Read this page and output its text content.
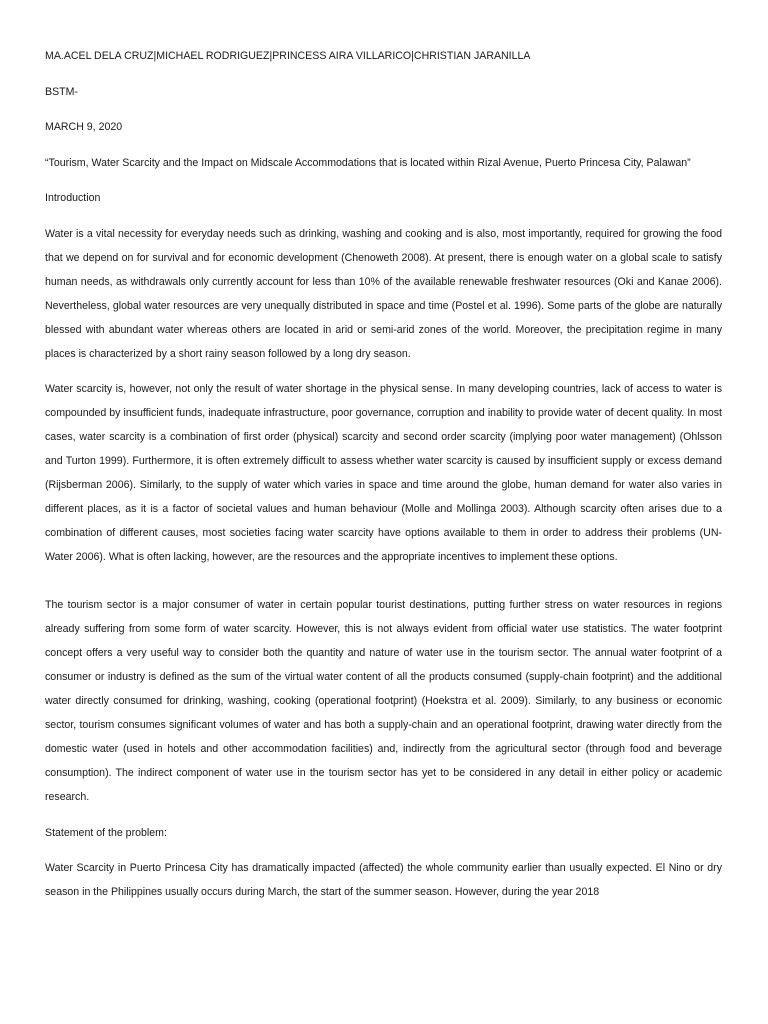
MA.ACEL DELA CRUZ|MICHAEL RODRIGUEZ|PRINCESS AIRA VILLARICO|CHRISTIAN JARANILLA

BSTM-

MARCH 9, 2020

“Tourism, Water Scarcity and the Impact on Midscale Accommodations that is located within Rizal Avenue, Puerto Princesa City, Palawan”

Introduction

Water is a vital necessity for everyday needs such as drinking, washing and cooking and is also, most importantly, required for growing the food that we depend on for survival and for economic development (Chenoweth 2008). At present, there is enough water on a global scale to satisfy human needs, as withdrawals only currently account for less than 10% of the available renewable freshwater resources (Oki and Kanae 2006). Nevertheless, global water resources are very unequally distributed in space and time (Postel et al. 1996). Some parts of the globe are naturally blessed with abundant water whereas others are located in arid or semi-arid zones of the world. Moreover, the precipitation regime in many places is characterized by a short rainy season followed by a long dry season.

Water scarcity is, however, not only the result of water shortage in the physical sense. In many developing countries, lack of access to water is compounded by insufficient funds, inadequate infrastructure, poor governance, corruption and inability to provide water of decent quality. In most cases, water scarcity is a combination of first order (physical) scarcity and second order scarcity (implying poor water management) (Ohlsson and Turton 1999). Furthermore, it is often extremely difficult to assess whether water scarcity is caused by insufficient supply or excess demand (Rijsberman 2006). Similarly, to the supply of water which varies in space and time around the globe, human demand for water also varies in different places, as it is a factor of societal values and human behaviour (Molle and Mollinga 2003). Although scarcity often arises due to a combination of different causes, most societies facing water scarcity have options available to them in order to address their problems (UN-Water 2006). What is often lacking, however, are the resources and the appropriate incentives to implement these options.

The tourism sector is a major consumer of water in certain popular tourist destinations, putting further stress on water resources in regions already suffering from some form of water scarcity. However, this is not always evident from official water use statistics. The water footprint concept offers a very useful way to consider both the quantity and nature of water use in the tourism sector. The annual water footprint of a consumer or industry is defined as the sum of the virtual water content of all the products consumed (supply-chain footprint) and the additional water directly consumed for drinking, washing, cooking (operational footprint) (Hoekstra et al. 2009). Similarly, to any business or economic sector, tourism consumes significant volumes of water and has both a supply-chain and an operational footprint, drawing water directly from the domestic water (used in hotels and other accommodation facilities) and, indirectly from the agricultural sector (through food and beverage consumption). The indirect component of water use in the tourism sector has yet to be considered in any detail in either policy or academic research.

Statement of the problem:

Water Scarcity in Puerto Princesa City has dramatically impacted (affected) the whole community earlier than usually expected. El Nino or dry season in the Philippines usually occurs during March, the start of the summer season. However, during the year 2018
